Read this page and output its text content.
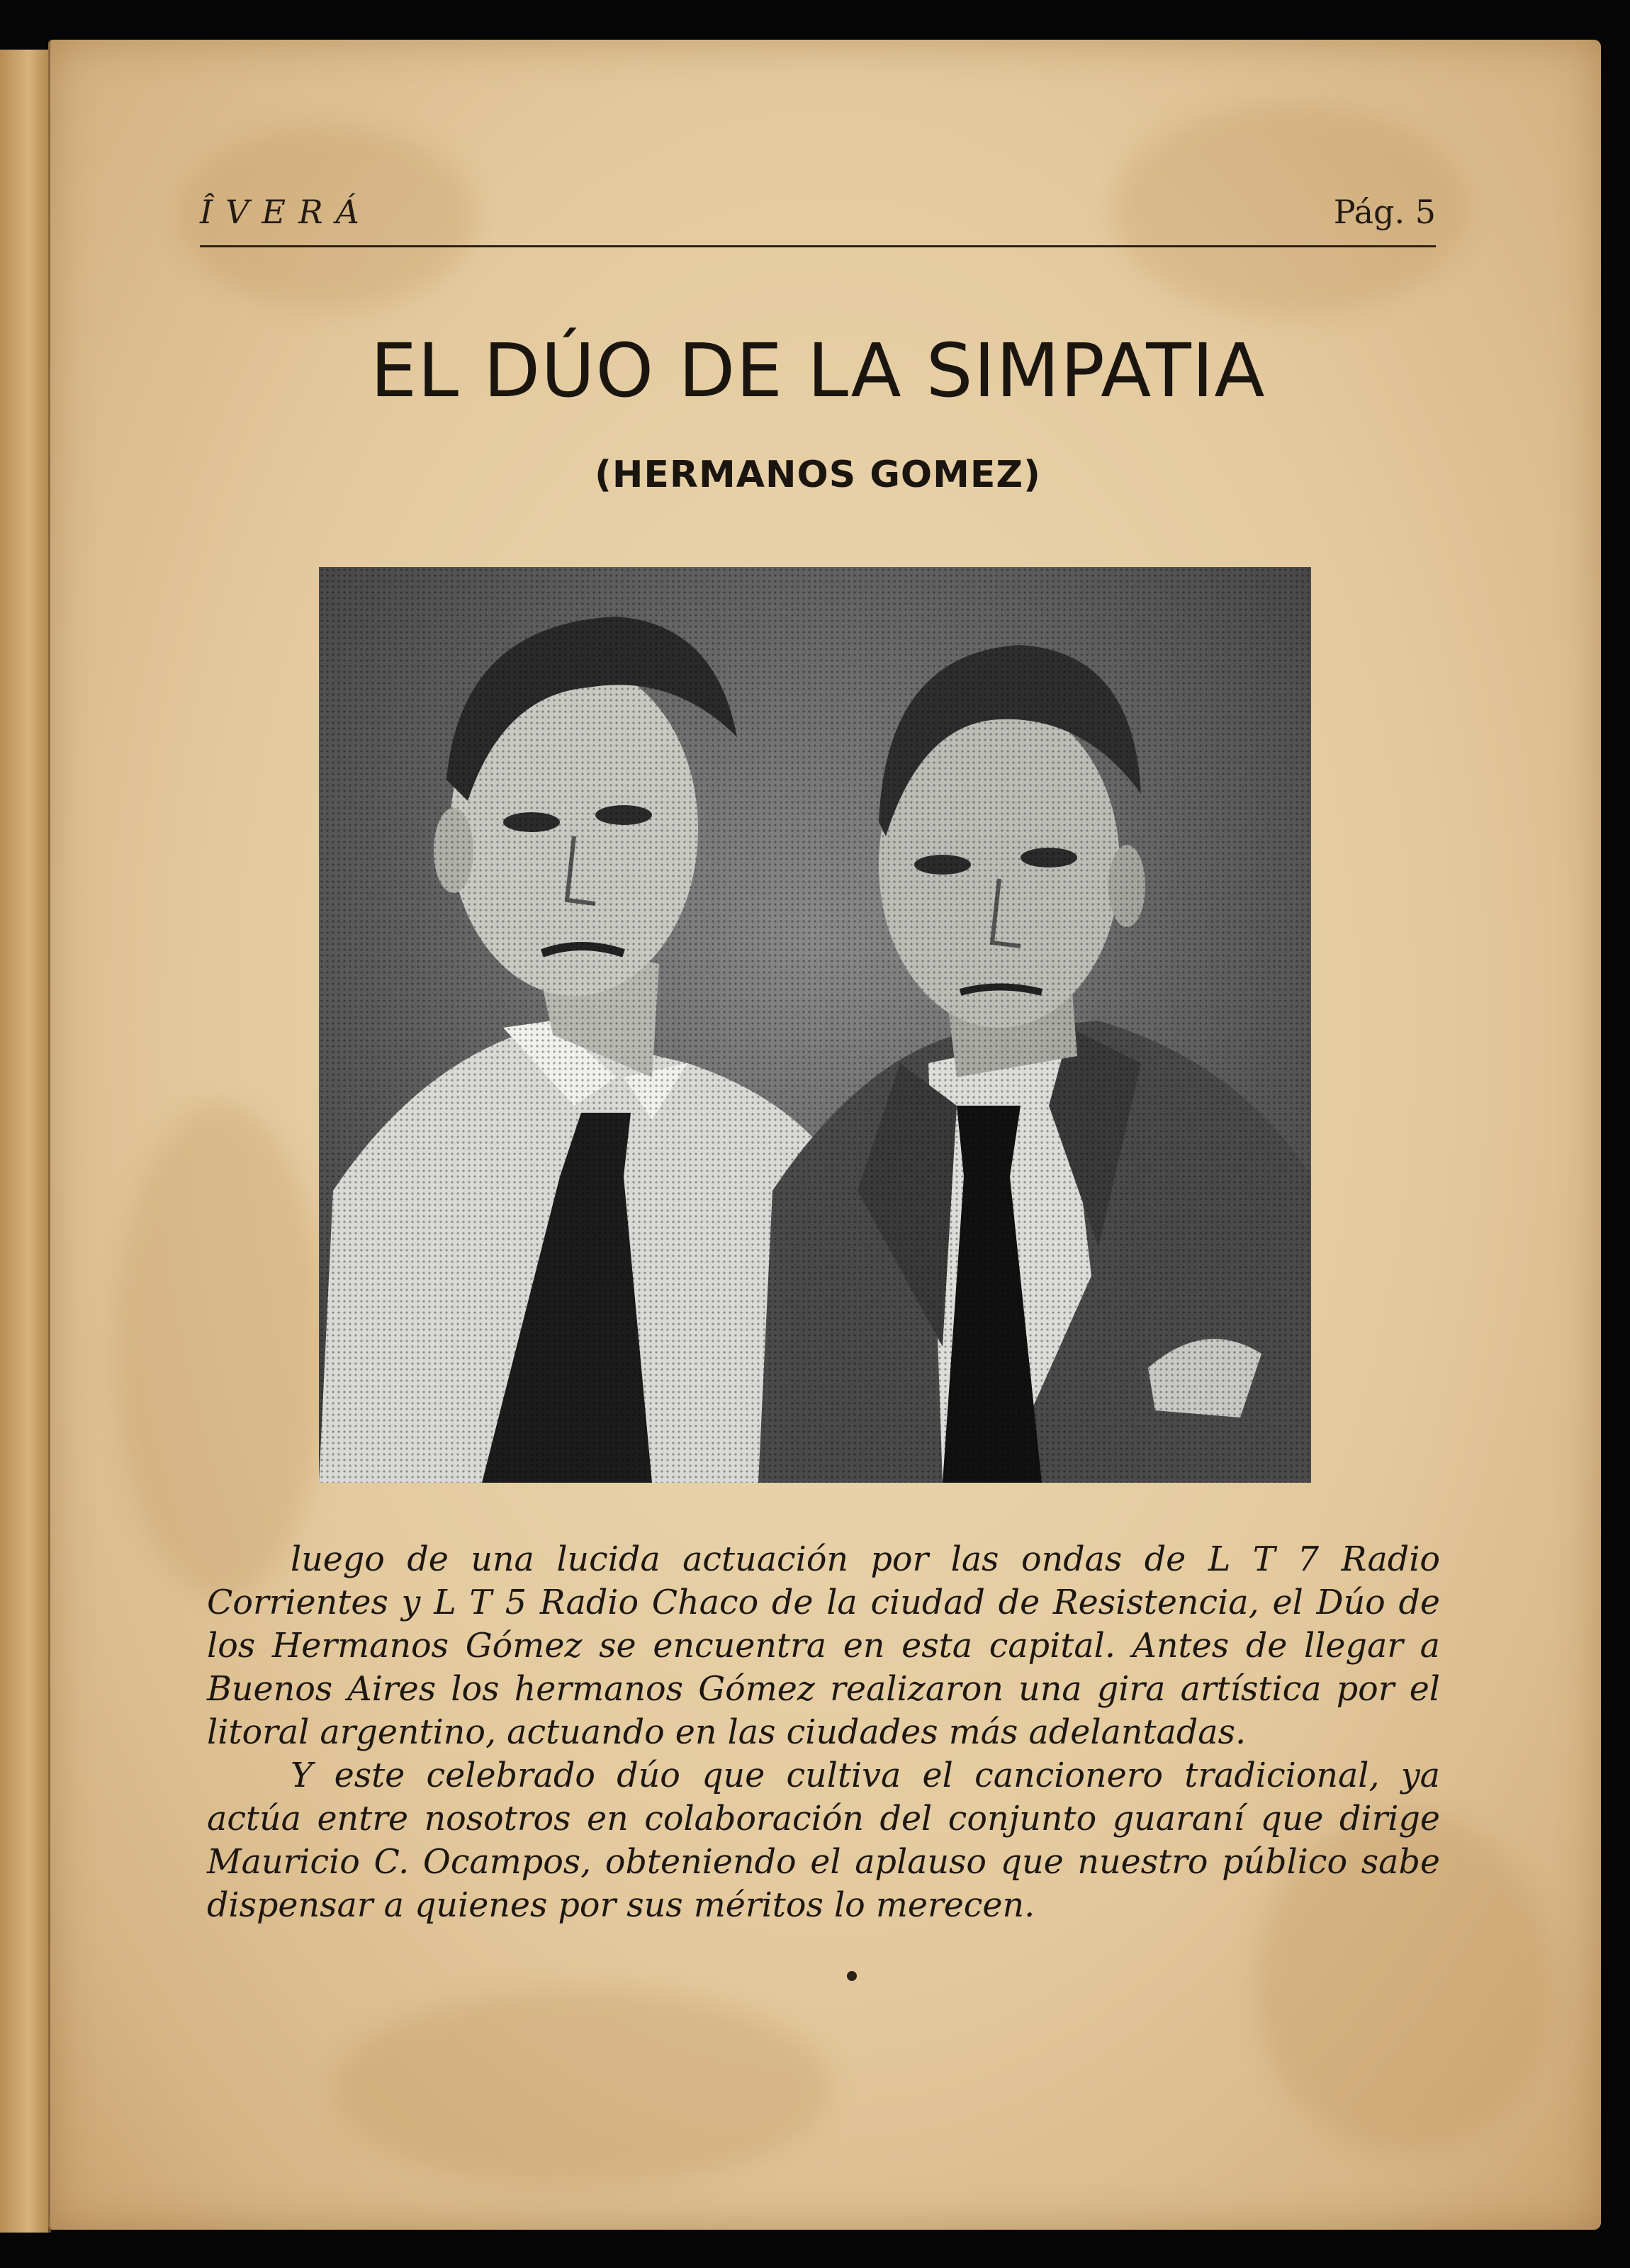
ÎVERÁ	Pág. 5
EL DÚO DE LA SIMPATIA
(HERMANOS GOMEZ)

luego de una lucida actuación por las ondas de L T 7 Radio Corrientes y L T 5 Radio Chaco de la ciudad de Resistencia, el Dúo de los Hermanos Gómez se encuentra en esta capital. Antes de llegar a Buenos Aires los hermanos Gómez realizaron una gira artística por el litoral argentino, actuando en las ciudades más adelantadas.

Y este celebrado dúo que cultiva el cancionero tradicional, ya actúa entre nosotros en colaboración del conjunto guaraní que dirige Mauricio C. Ocampos, obteniendo el aplauso que nuestro público sabe dispensar a quienes por sus méritos lo merecen.
